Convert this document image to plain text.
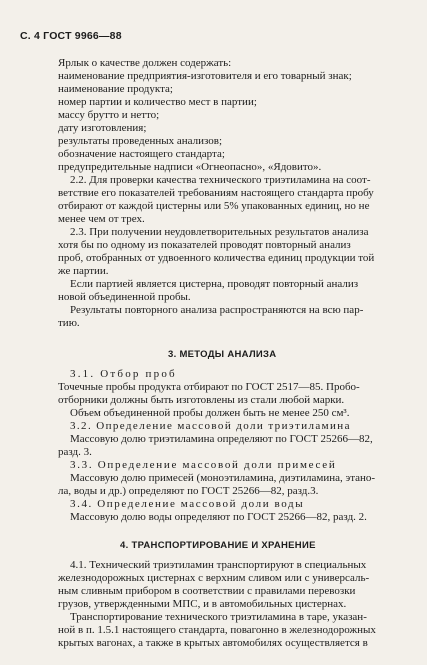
С. 4 ГОСТ 9966—88
Ярлык о качестве должен содержать:
наименование предприятия-изготовителя и его товарный знак;
наименование продукта;
номер партии и количество мест в партии;
массу брутто и нетто;
дату изготовления;
результаты проведенных анализов;
обозначение настоящего стандарта;
предупредительные надписи «Огнеопасно», «Ядовито».
2.2. Для проверки качества технического триэтиламина на соот-
ветствие его показателей требованиям настоящего стандарта пробу
отбирают от каждой цистерны или 5% упакованных единиц, но не
менее чем от трех.
2.3. При получении неудовлетворительных результатов анализа
хотя бы по одному из показателей проводят повторный анализ
проб, отобранных от удвоенного количества единиц продукции той
же партии.
Если партией является цистерна, проводят повторный анализ
новой объединенной пробы.
Результаты повторного анализа распространяются на всю пар-
тию.
3. МЕТОДЫ АНАЛИЗА
3.1. Отбор проб
Точечные пробы продукта отбирают по ГОСТ 2517—85. Пробо-
отборники должны быть изготовлены из стали любой марки.
Объем объединенной пробы должен быть не менее 250 см³.
3.2. Определение массовой доли триэтиламина
Массовую долю триэтиламина определяют по ГОСТ 25266—82,
разд. 3.
3.3. Определение массовой доли примесей
Массовую долю примесей (моноэтиламина, диэтиламина, этано-
ла, воды и др.) определяют по ГОСТ 25266—82, разд.3.
3.4. Определение массовой доли воды
Массовую долю воды определяют по ГОСТ 25266—82, разд. 2.
4. ТРАНСПОРТИРОВАНИЕ И ХРАНЕНИЕ
4.1. Технический триэтиламин транспортируют в специальных
железнодорожных цистернах с верхним сливом или с универсаль-
ным сливным прибором в соответствии с правилами перевозки
грузов, утвержденными МПС, и в автомобильных цистернах.
Транспортирование технического триэтиламина в таре, указан-
ной в п. 1.5.1 настоящего стандарта, повагонно в железнодорожных
крытых вагонах, а также в крытых автомобилях осуществляется в
